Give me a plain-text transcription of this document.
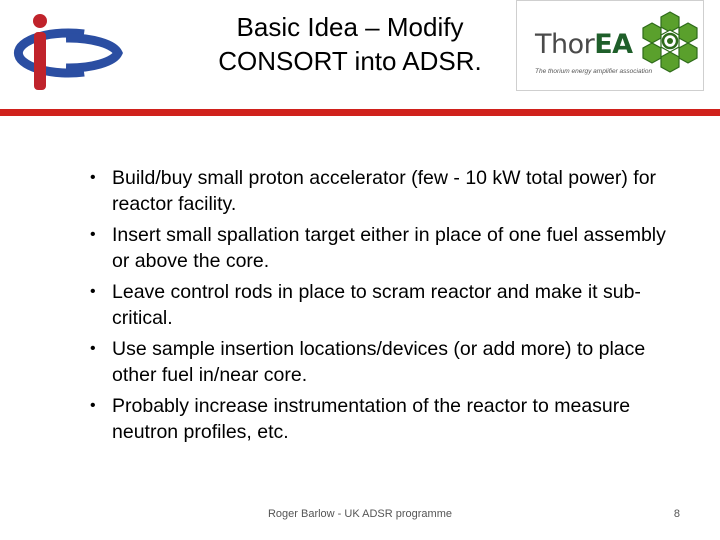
Basic Idea – Modify
CONSORT into ADSR.
ThorEA
The thorium energy amplifier association
• Build/buy small proton accelerator (few - 10 kW total power) for reactor facility.
• Insert small spallation target either in place of one fuel assembly or above the core.
• Leave control rods in place to scram reactor and make it sub-critical.
• Use sample insertion locations/devices (or add more) to place other fuel in/near core.
• Probably increase instrumentation of the reactor to measure neutron profiles, etc.
Roger Barlow - UK ADSR programme	8
